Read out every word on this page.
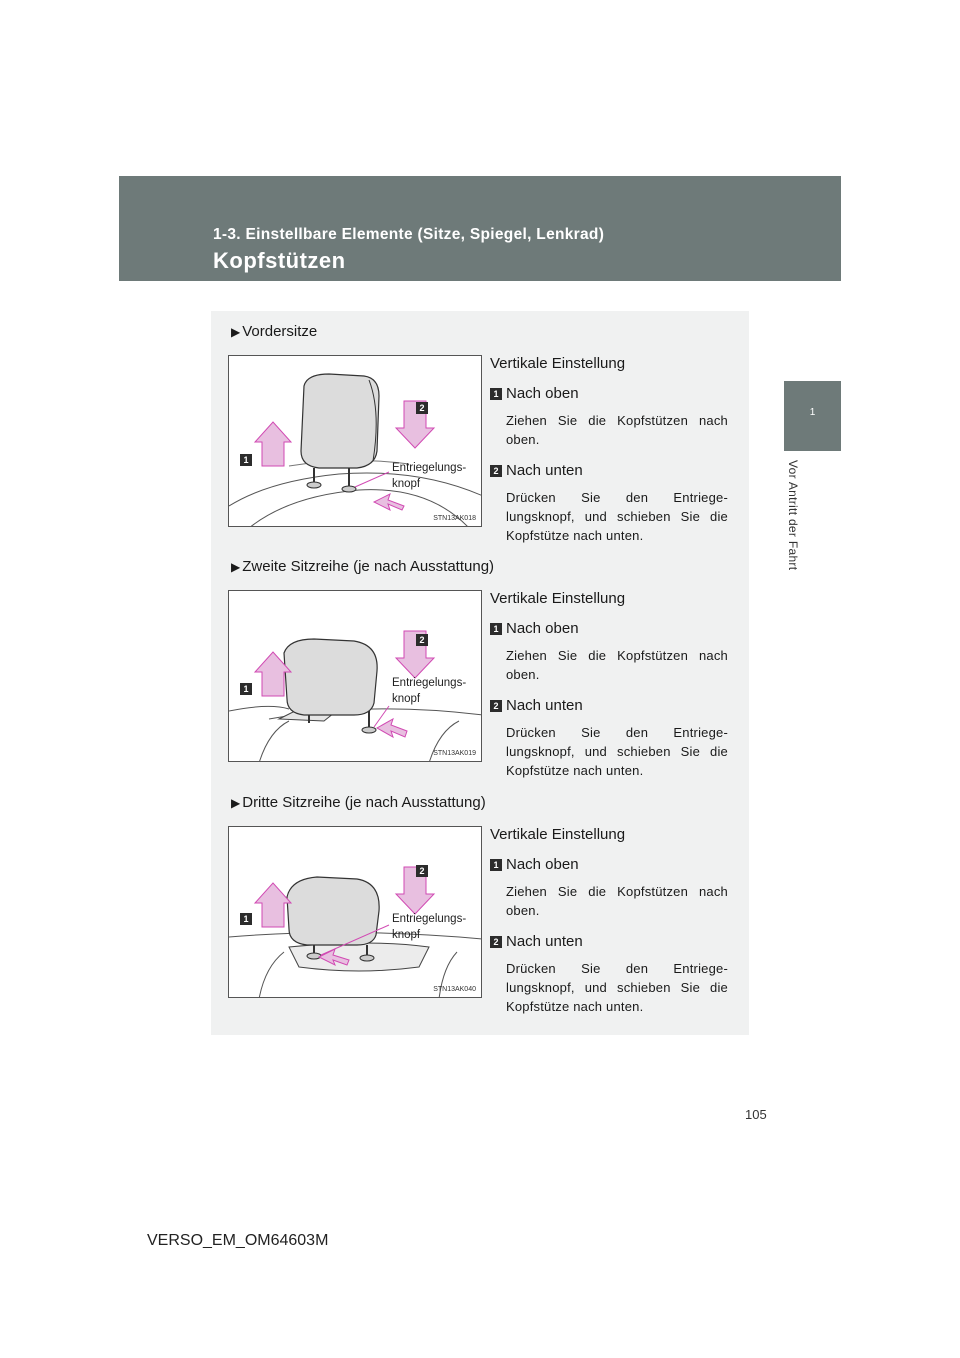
1-3. Einstellbare Elemente (Sitze, Spiegel, Lenkrad)
Kopfstützen
1
Vor Antritt der Fahrt
▶ Vordersitze
1
2
Entriegelungs-
knopf
STN13AK018
Vertikale Einstellung
1 Nach oben
Ziehen Sie die Kopfstützen nach oben.
2 Nach unten
Drücken Sie den Entriege-lungsknopf, und schieben Sie die Kopfstütze nach unten.
▶ Zweite Sitzreihe (je nach Ausstattung)
1
2
Entriegelungs-
knopf
STN13AK019
Vertikale Einstellung
1 Nach oben
Ziehen Sie die Kopfstützen nach oben.
2 Nach unten
Drücken Sie den Entriege-lungsknopf, und schieben Sie die Kopfstütze nach unten.
▶ Dritte Sitzreihe (je nach Ausstattung)
1
2
Entriegelungs-
knopf
STN13AK040
Vertikale Einstellung
1 Nach oben
Ziehen Sie die Kopfstützen nach oben.
2 Nach unten
Drücken Sie den Entriege-lungsknopf, und schieben Sie die Kopfstütze nach unten.
105
VERSO_EM_OM64603M
